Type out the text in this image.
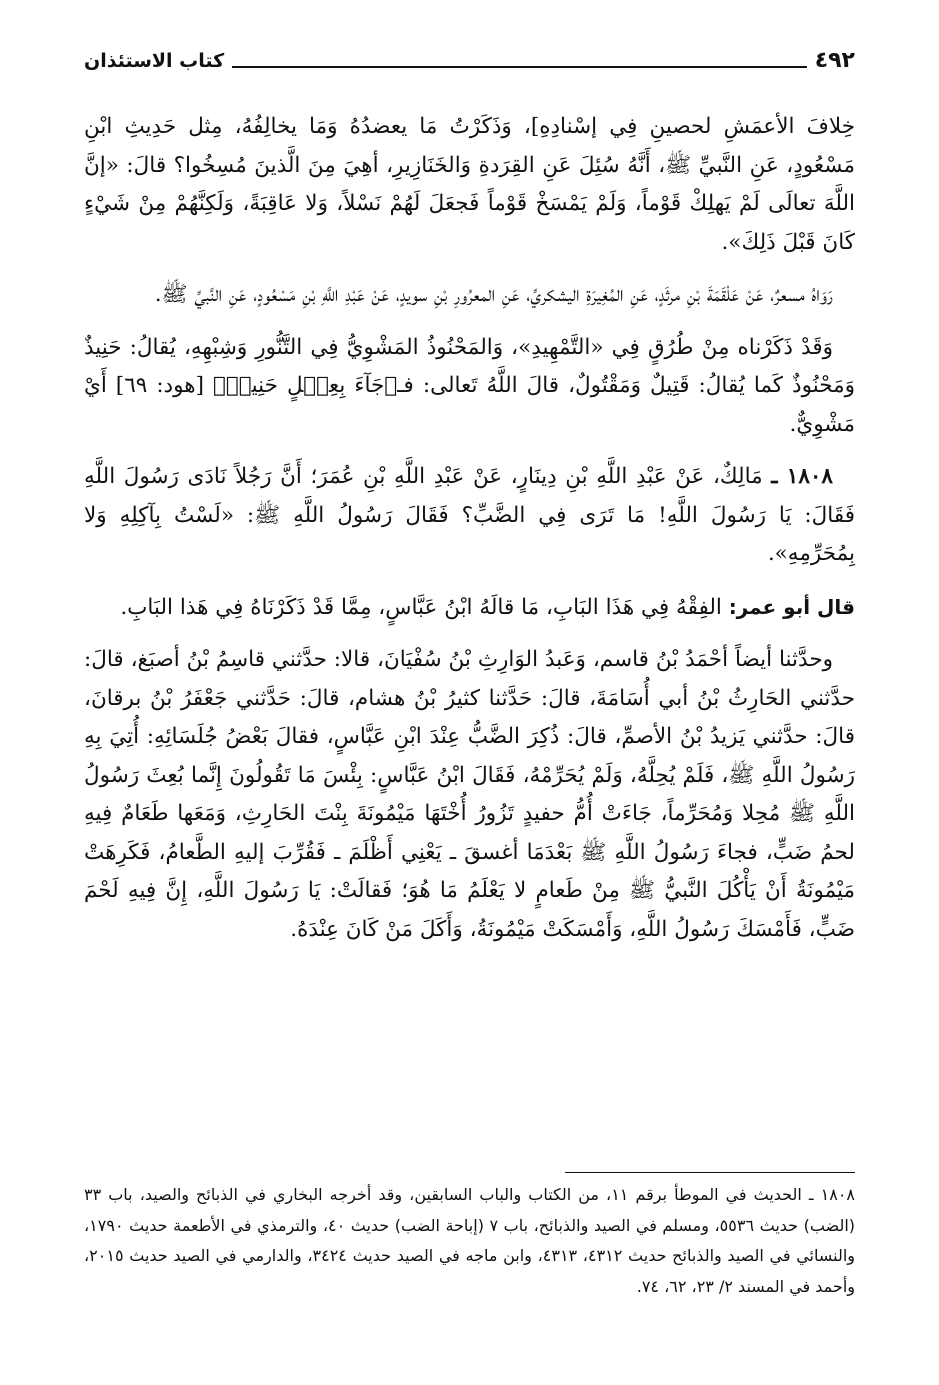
٤٩٢
كتاب الاستئذان

خِلافَ الأعمَشِ لحصينِ فِي إسْنادِهِ]، وَذَكَرْتُ مَا يعضدُهُ وَمَا يخالِفُهُ، مِثل حَدِيثِ ابْنِ مَسْعُودٍ، عَنِ النَّبيِّ ﷺ، أَنَّهُ سُئِلَ عَنِ القِرَدةِ وَالخَنَازِيرِ، أهِيَ مِنَ الَّذينَ مُسِخُوا؟ قالَ: «إنَّ اللَّهَ تعالَى لَمْ يَهلِكْ قَوْماً، وَلَمْ يَمْسَخْ قَوْماً فَجعَلَ لَهُمْ نَسْلاً، وَلا عَاقِبَةً، وَلَكِنَّهُمْ مِنْ شَيْءٍ كَانَ قَبْلَ ذَلِكَ».

رَوَاهُ مسعرٌ، عَنْ عَلْقَمَةَ بْنِ مرثَدٍ، عَنِ المُغِيرَةِ اليشكريِّ، عَنِ المعرُورِ بْنِ سويدٍ، عَنْ عَبْدِ اللَّهِ بْنِ مَسْعُودٍ، عَنِ النَّبيِّ ﷺ.

وَقَدْ ذَكَرْناه مِنْ طُرُقٍ فِي «التَّمْهِيدِ»، وَالمَحْنُوذُ المَشْوِيُّ فِي التَّنُّورِ وَشِبْهِهِ، يُقالُ: حَنِيذٌ وَمَحْنُوذٌ كَما يُقالُ: قَتِيلٌ وَمَقْتُولٌ، قالَ اللَّهُ تَعالى: فـ﴿جَآءَ بِعِجۡلٍ حَنِيذٖ﴾ [هود: ٦٩] أَيْ مَشْوِيٌّ.

١٨٠٨ ـ مَالِكٌ، عَنْ عَبْدِ اللَّهِ بْنِ دِينَارٍ، عَنْ عَبْدِ اللَّهِ بْنِ عُمَرَ؛ أَنَّ رَجُلاً نَادَى رَسُولَ اللَّهِ فَقَالَ: يَا رَسُولَ اللَّهِ! مَا تَرَى فِي الضَّبِّ؟ فَقَالَ رَسُولُ اللَّهِ ﷺ: «لَسْتُ بِآكِلِهِ وَلا بِمُحَرِّمِهِ».

قال أبو عمر: الفِقْهُ فِي هَذَا البَابِ، مَا قالَهُ ابْنُ عَبَّاسٍ، مِمَّا قَدْ ذَكَرْنَاهُ فِي هَذا البَابِ.

وحدَّثنا أيضاً أحْمَدُ بْنُ قاسم، وَعَبدُ الوَارِثِ بْنُ سُفْيَانَ، قالا: حدَّثني قاسِمُ بْنُ أصبَغ، قالَ: حدَّثني الحَارِثُ بْنُ أبي أُسَامَةَ، قالَ: حَدَّثنا كثيرُ بْنُ هشام، قالَ: حَدَّثني جَعْفَرُ بْنُ برقانَ، قالَ: حدَّثني يَزيدُ بْنُ الأصمِّ، قالَ: ذُكِرَ الضَّبُّ عِنْدَ ابْنِ عَبَّاسٍ، فقالَ بَعْضُ جُلَسَائِهِ: أُتِيَ بِهِ رَسُولُ اللَّهِ ﷺ، فَلَمْ يُحِلَّهُ، وَلَمْ يُحَرِّمْهُ، فَقَالَ ابْنُ عَبَّاسٍ: بِئْسَ مَا تَقُولُونَ إِنَّما بُعِثَ رَسُولُ اللَّهِ ﷺ مُحِلا وَمُحَرِّماً، جَاءَتْ أُمُّ حفيدٍ تَزُورُ أُخْتَهَا مَيْمُونَةَ بِنْتَ الحَارِثِ، وَمَعَها طَعَامٌ فِيهِ لحمُ ضَبٍّ، فجاءَ رَسُولُ اللَّهِ ﷺ بَعْدَمَا أغسقَ ـ يَعْنِي أَظْلَمَ ـ فَقُرِّبَ إليهِ الطَّعامُ، فَكَرِهَتْ مَيْمُونَةُ أَنْ يَأْكُلَ النَّبيُّ ﷺ مِنْ طَعامٍ لا يَعْلَمُ مَا هُوَ؛ فَقالَتْ: يَا رَسُولَ اللَّهِ، إِنَّ فِيهِ لَحْمَ ضَبٍّ، فَأَمْسَكَ رَسُولُ اللَّهِ، وَأَمْسَكَتْ مَيْمُونَةُ، وَأَكَلَ مَنْ كَانَ عِنْدَهُ.

١٨٠٨ ـ الحديث في الموطأ برقم ١١، من الكتاب والباب السابقين، وقد أخرجه البخاري في الذبائح والصيد، باب ٣٣ (الضب) حديث ٥٥٣٦، ومسلم في الصيد والذبائح، باب ٧ (إباحة الضب) حديث ٤٠، والترمذي في الأطعمة حديث ١٧٩٠، والنسائي في الصيد والذبائح حديث ٤٣١٢، ٤٣١٣، وابن ماجه في الصيد حديث ٣٤٢٤، والدارمي في الصيد حديث ٢٠١٥، وأحمد في المسند ٢/ ٢٣، ٦٢، ٧٤.
